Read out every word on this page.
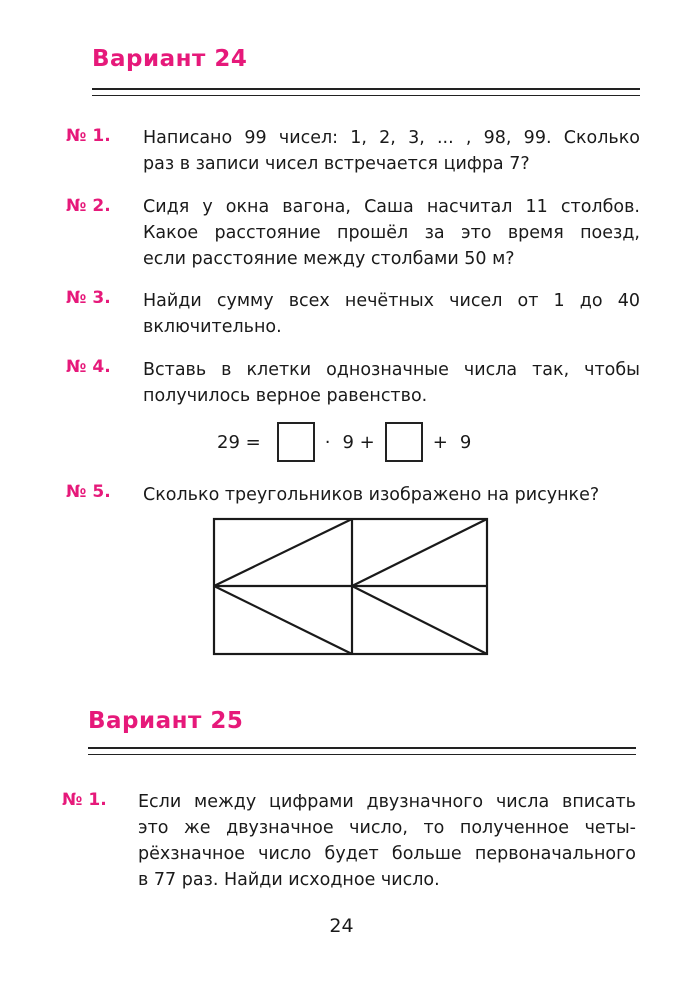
Вариант 24
№ 1. Написано 99 чисел: 1, 2, 3, ... , 98, 99. Сколько
раз в записи чисел встречается цифра 7?
№ 2. Сидя у окна вагона, Саша насчитал 11 столбов.
Какое расстояние прошёл за это время поезд,
если расстояние между столбами 50 м?
№ 3. Найди сумму всех нечётных чисел от 1 до 40
включительно.
№ 4. Вставь в клетки однозначные числа так, чтобы
получилось верное равенство.
29 =	· 9 +	+ 9
№ 5. Сколько треугольников изображено на рисунке?
Вариант 25
№ 1. Если между цифрами двузначного числа вписать
это же двузначное число, то полученное четы-
рёхзначное число будет больше первоначального
в 77 раз. Найди исходное число.
24
